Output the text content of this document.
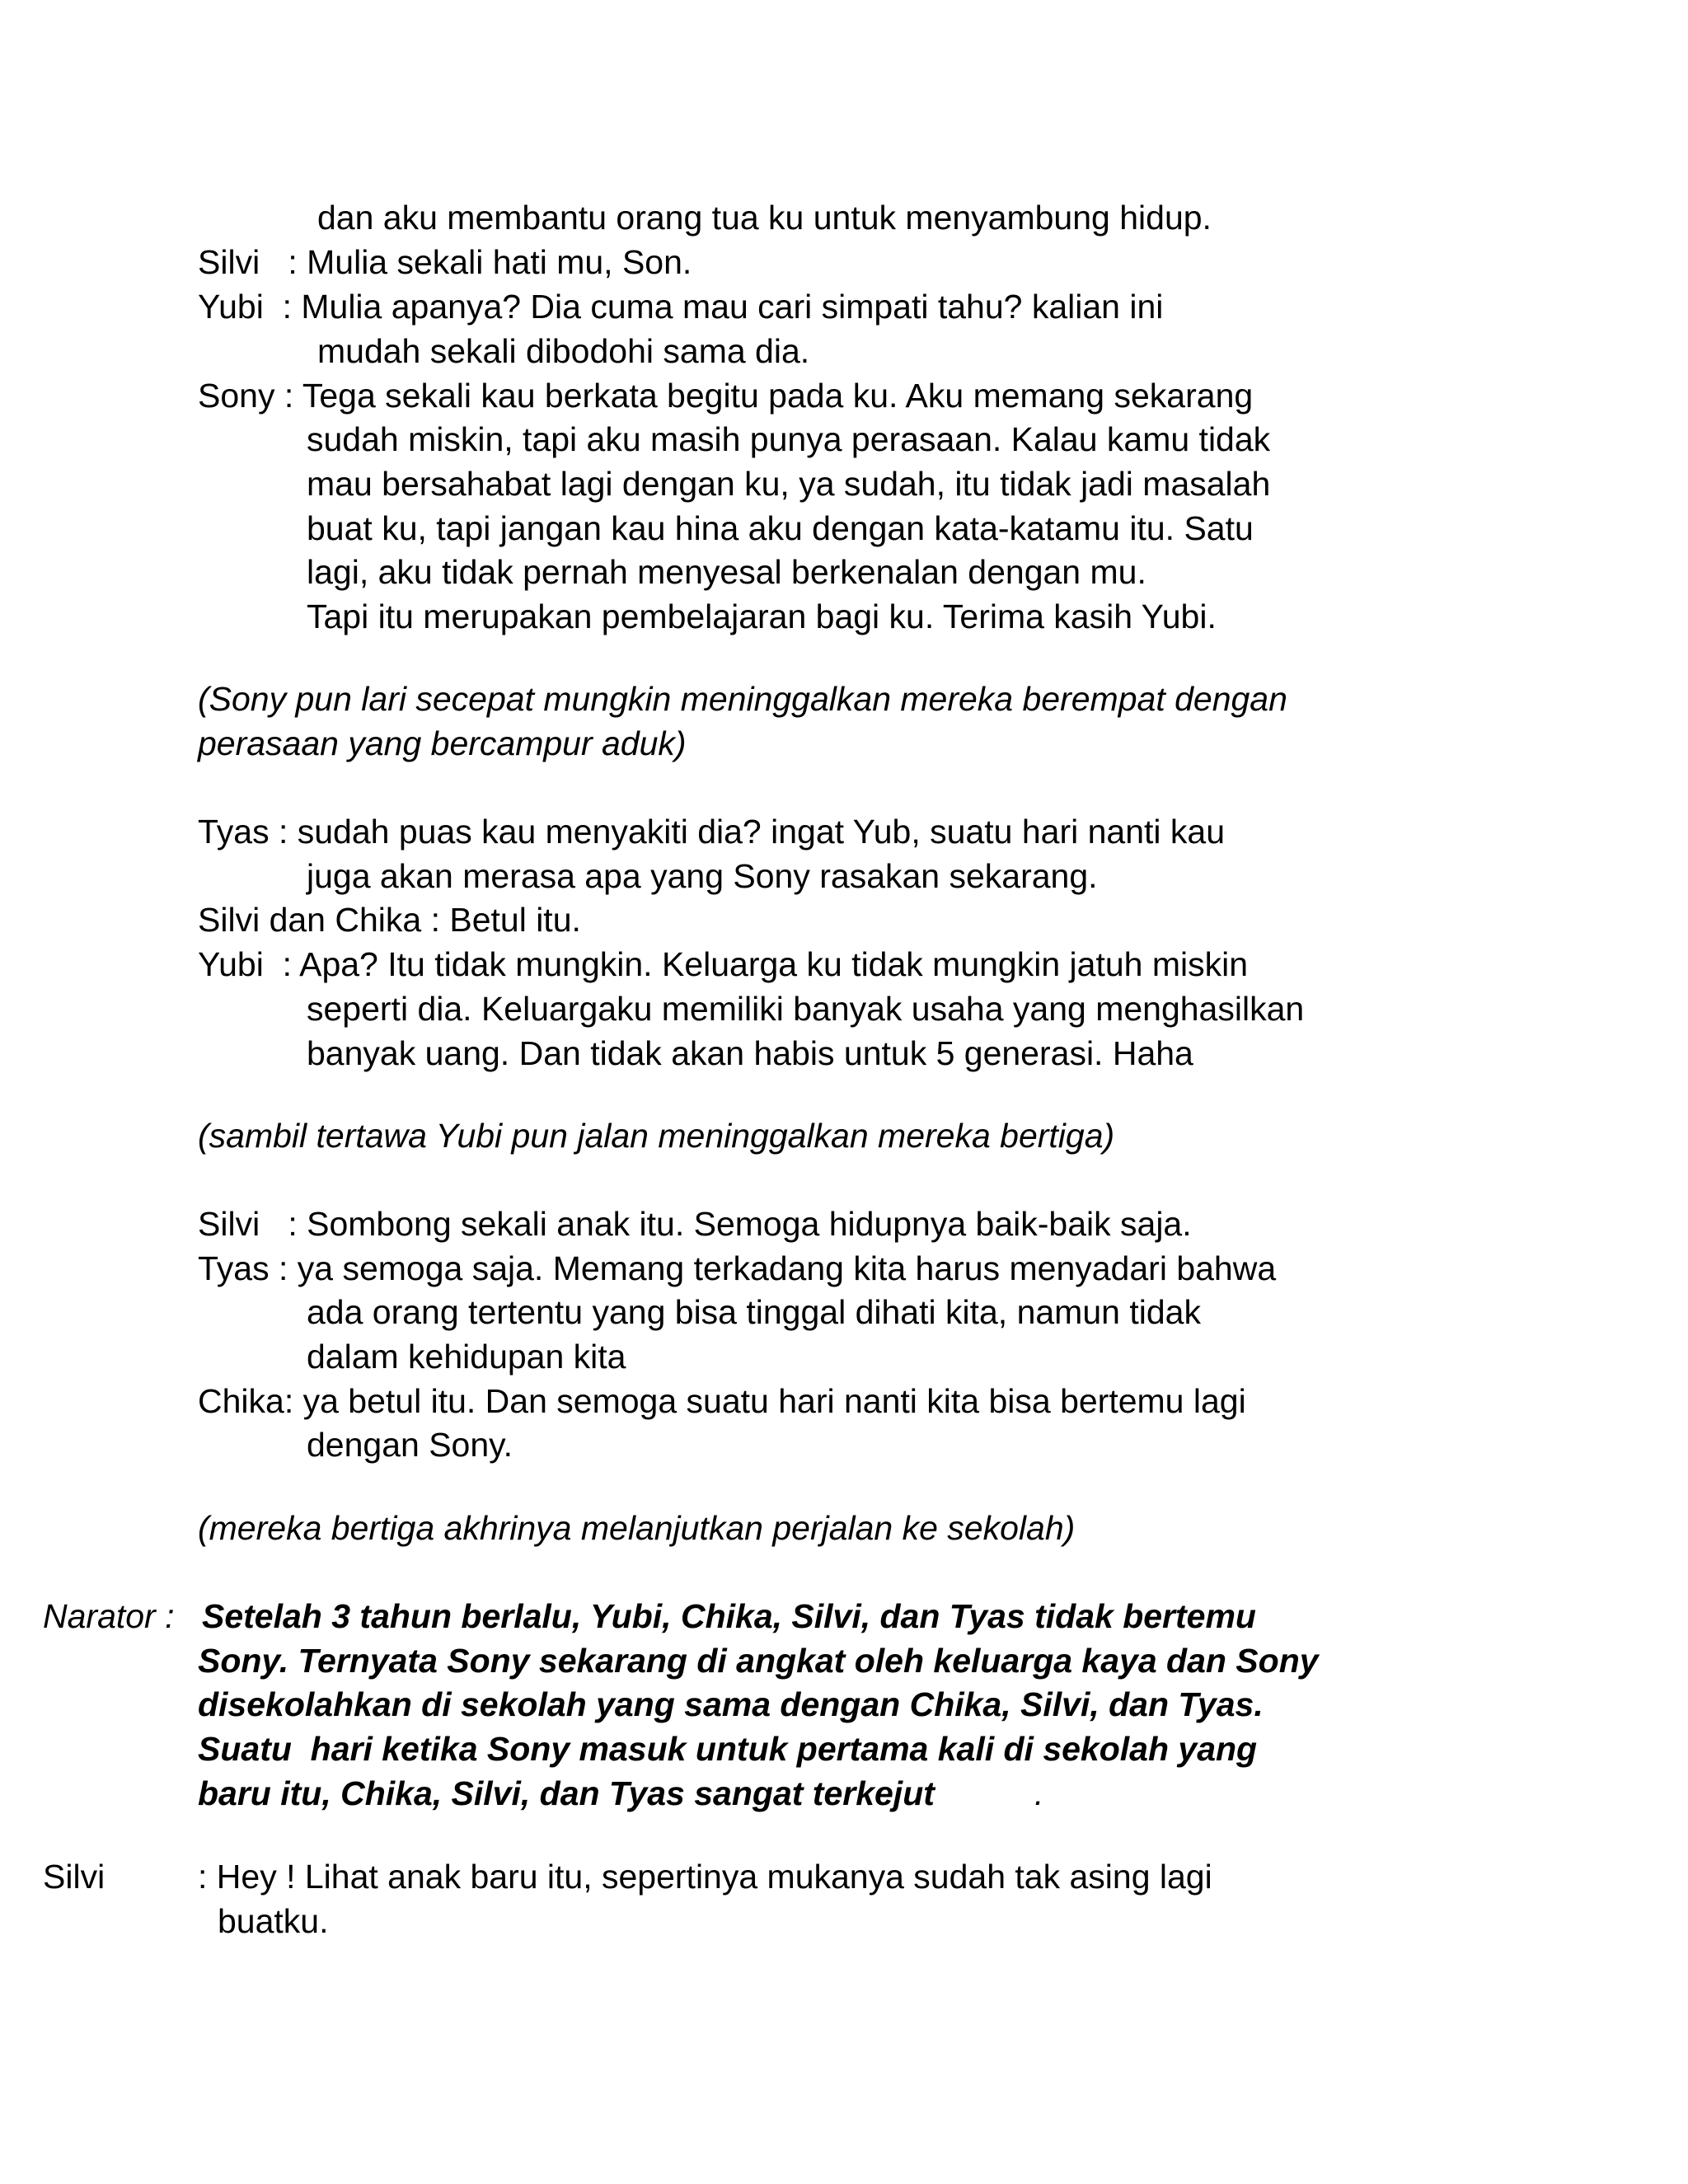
dan aku membantu orang tua ku untuk menyambung hidup.
Silvi   : Mulia sekali hati mu, Son.
Yubi  : Mulia apanya? Dia cuma mau cari simpati tahu? kalian ini
mudah sekali dibodohi sama dia.
Sony : Tega sekali kau berkata begitu pada ku. Aku memang sekarang
sudah miskin, tapi aku masih punya perasaan. Kalau kamu tidak
mau bersahabat lagi dengan ku, ya sudah, itu tidak jadi masalah
buat ku, tapi jangan kau hina aku dengan kata-katamu itu. Satu
lagi, aku tidak pernah menyesal berkenalan dengan mu.
Tapi itu merupakan pembelajaran bagi ku. Terima kasih Yubi.
(Sony pun lari secepat mungkin meninggalkan mereka berempat dengan
perasaan yang bercampur aduk)
Tyas : sudah puas kau menyakiti dia? ingat Yub, suatu hari nanti kau
juga akan merasa apa yang Sony rasakan sekarang.
Silvi dan Chika : Betul itu.
Yubi  : Apa? Itu tidak mungkin. Keluarga ku tidak mungkin jatuh miskin
seperti dia. Keluargaku memiliki banyak usaha yang menghasilkan
banyak uang. Dan tidak akan habis untuk 5 generasi. Haha
(sambil tertawa Yubi pun jalan meninggalkan mereka bertiga)
Silvi   : Sombong sekali anak itu. Semoga hidupnya baik-baik saja.
Tyas : ya semoga saja. Memang terkadang kita harus menyadari bahwa
ada orang tertentu yang bisa tinggal dihati kita, namun tidak
dalam kehidupan kita
Chika: ya betul itu. Dan semoga suatu hari nanti kita bisa bertemu lagi
dengan Sony.
(mereka bertiga akhrinya melanjutkan perjalan ke sekolah)
Narator : Setelah 3 tahun berlalu, Yubi, Chika, Silvi, dan Tyas tidak bertemu
Sony. Ternyata Sony sekarang di angkat oleh keluarga kaya dan Sony
disekolahkan di sekolah yang sama dengan Chika, Silvi, dan Tyas.
Suatu  hari ketika Sony masuk untuk pertama kali di sekolah yang
baru itu, Chika, Silvi, dan Tyas sangat terkejut	.
Silvi	: Hey ! Lihat anak baru itu, sepertinya mukanya sudah tak asing lagi
buatku.
